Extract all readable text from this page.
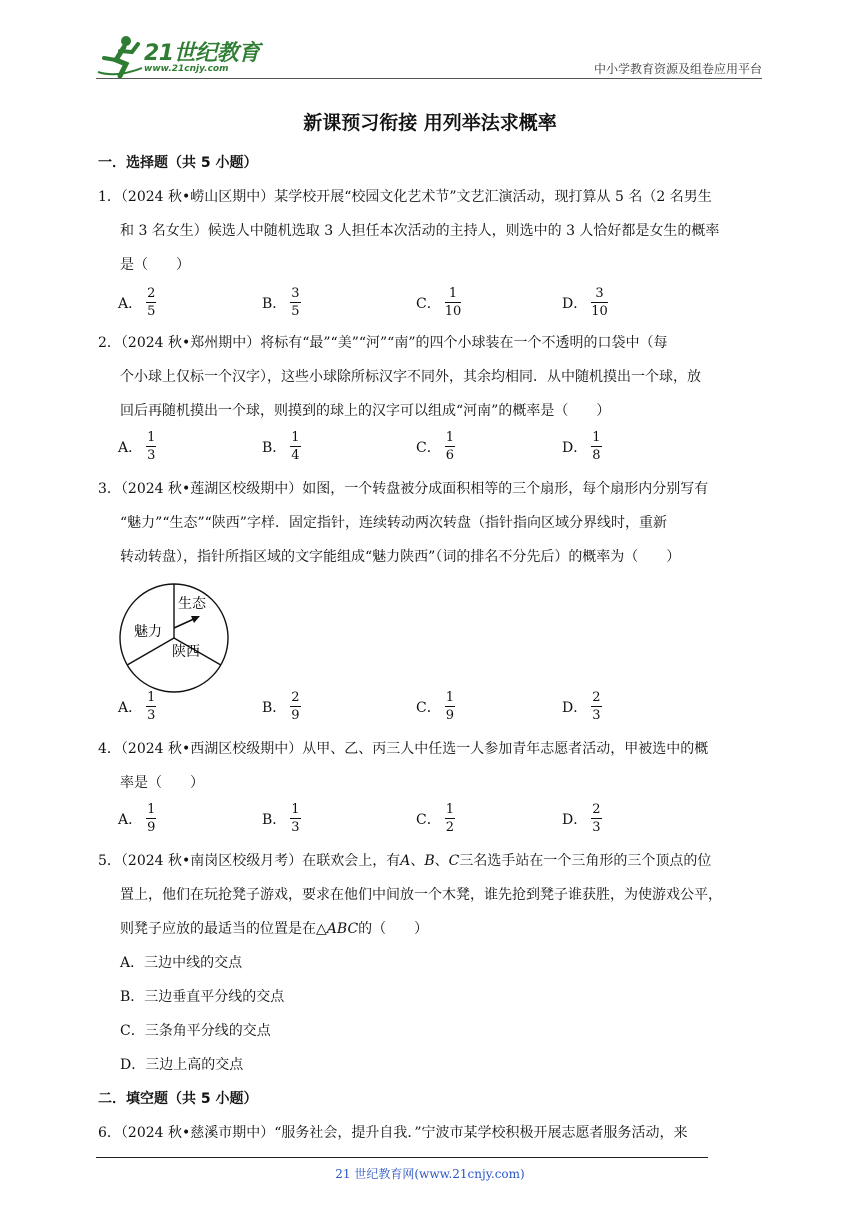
21世纪教育
www.21cnjy.com	中小学教育资源及组卷应用平台
新课预习衔接 用列举法求概率
一．选择题（共 5 小题）
1．（2024 秋•崂山区期中）某学校开展“校园文化艺术节”文艺汇演活动，现打算从 5 名（2 名男生
和 3 名女生）候选人中随机选取 3 人担任本次活动的主持人，则选中的 3 人恰好都是女生的概率
是（　　）
A． $\frac{2}{5}$	B． $\frac{3}{5}$	C． $\frac{1}{10}$	D． $\frac{3}{10}$
2．（2024 秋•郑州期中）将标有“最”“美”“河”“南”的四个小球装在一个不透明的口袋中（每
个小球上仅标一个汉字），这些小球除所标汉字不同外，其余均相同．从中随机摸出一个球，放
回后再随机摸出一个球，则摸到的球上的汉字可以组成“河南”的概率是（　　）
A． $\frac{1}{3}$	B． $\frac{1}{4}$	C． $\frac{1}{6}$	D． $\frac{1}{8}$
3．（2024 秋•莲湖区校级期中）如图，一个转盘被分成面积相等的三个扇形，每个扇形内分别写有
“魅力”“生态”“陕西”字样．固定指针，连续转动两次转盘（指针指向区域分界线时，重新
转动转盘），指针所指区域的文字能组成“魅力陕西”（词的排名不分先后）的概率为（　　）
生态
魅力
陕西
A． $\frac{1}{3}$	B． $\frac{2}{9}$	C． $\frac{1}{9}$	D． $\frac{2}{3}$
4．（2024 秋•西湖区校级期中）从甲、乙、丙三人中任选一人参加青年志愿者活动，甲被选中的概
率是（　　）
A． $\frac{1}{9}$	B． $\frac{1}{3}$	C． $\frac{1}{2}$	D． $\frac{2}{3}$
5．（2024 秋•南岗区校级月考）在联欢会上，有A、B、C三名选手站在一个三角形的三个顶点的位
置上，他们在玩抢凳子游戏，要求在他们中间放一个木凳，谁先抢到凳子谁获胜，为使游戏公平，
则凳子应放的最适当的位置是在△ABC的（　　）
A．三边中线的交点
B．三边垂直平分线的交点
C．三条角平分线的交点
D．三边上高的交点
二．填空题（共 5 小题）
6．（2024 秋•慈溪市期中）“服务社会，提升自我．”宁波市某学校积极开展志愿者服务活动，来
21 世纪教育网(www.21cnjy.com)
